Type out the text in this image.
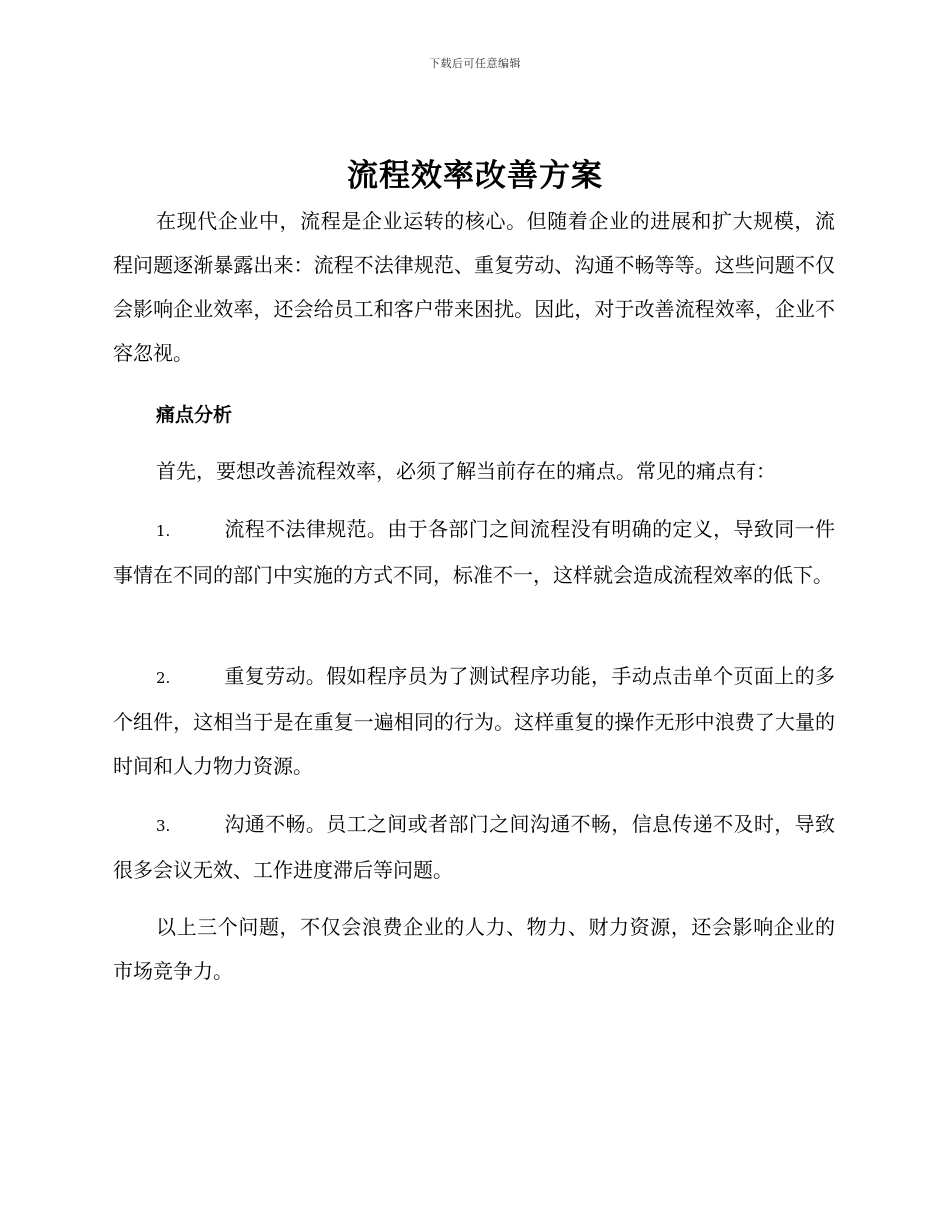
下载后可任意编辑
流程效率改善方案

在现代企业中，流程是企业运转的核心。但随着企业的进展和扩大规模，流程问题逐渐暴露出来：流程不法律规范、重复劳动、沟通不畅等等。这些问题不仅会影响企业效率，还会给员工和客户带来困扰。因此，对于改善流程效率，企业不容忽视。

痛点分析

首先，要想改善流程效率，必须了解当前存在的痛点。常见的痛点有：

1.	流程不法律规范。由于各部门之间流程没有明确的定义，导致同一件事情在不同的部门中实施的方式不同，标准不一，这样就会造成流程效率的低下。

2.	重复劳动。假如程序员为了测试程序功能，手动点击单个页面上的多个组件，这相当于是在重复一遍相同的行为。这样重复的操作无形中浪费了大量的时间和人力物力资源。

3.	沟通不畅。员工之间或者部门之间沟通不畅，信息传递不及时，导致很多会议无效、工作进度滞后等问题。

以上三个问题，不仅会浪费企业的人力、物力、财力资源，还会影响企业的市场竞争力。
